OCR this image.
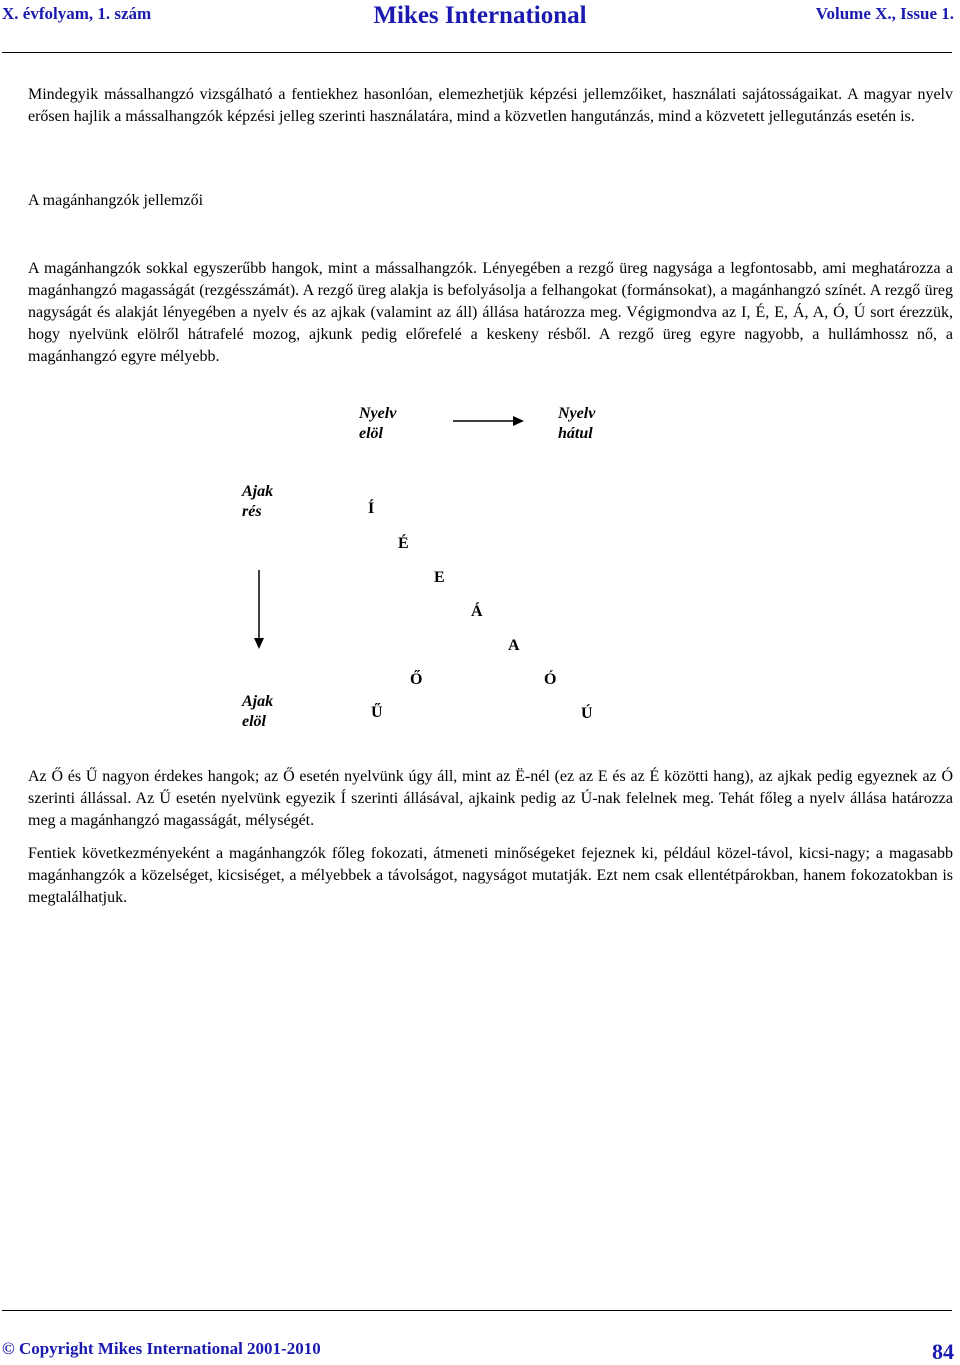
X. évfolyam, 1. szám	Mikes International	Volume X., Issue 1.

Mindegyik mássalhangzó vizsgálható a fentiekhez hasonlóan, elemezhetjük képzési jellemzőiket, használati sajátosságaikat. A magyar nyelv erősen hajlik a mássalhangzók képzési jelleg szerinti használatára, mind a közvetlen hangutánzás, mind a közvetett jellegutánzás esetén is.

A magánhangzók jellemzői

A magánhangzók sokkal egyszerűbb hangok, mint a mássalhangzók. Lényegében a rezgő üreg nagysága a legfontosabb, ami meghatározza a magánhangzó magasságát (rezgésszámát). A rezgő üreg alakja is befolyásolja a felhangokat (formánsokat), a magánhangzó színét. A rezgő üreg nagyságát és alakját lényegében a nyelv és az ajkak (valamint az áll) állása határozza meg. Végigmondva az I, É, E, Á, A, Ó, Ú sort érezzük, hogy nyelvünk elölről hátrafelé mozog, ajkunk pedig előrefelé a keskeny résből. A rezgő üreg egyre nagyobb, a hullámhossz nő, a magánhangzó egyre mélyebb.

Nyelv
elöl
Nyelv
hátul
Ajak
rés
Ajak
elöl
Í
É
E
Á
A
Ő	Ó
Ű	Ú

Az Ő és Ű nagyon érdekes hangok; az Ő esetén nyelvünk úgy áll, mint az Ë-nél (ez az E és az É közötti hang), az ajkak pedig egyeznek az Ó szerinti állással. Az Ű esetén nyelvünk egyezik Í szerinti állásával, ajkaink pedig az Ú-nak felelnek meg. Tehát főleg a nyelv állása határozza meg a magánhangzó magasságát, mélységét.

Fentiek következményeként a magánhangzók főleg fokozati, átmeneti minőségeket fejeznek ki, például közel-távol, kicsi-nagy; a magasabb magánhangzók a közelséget, kicsiséget, a mélyebbek a távolságot, nagyságot mutatják. Ezt nem csak ellentétpárokban, hanem fokozatokban is megtalálhatjuk.

© Copyright Mikes International 2001-2010	84
